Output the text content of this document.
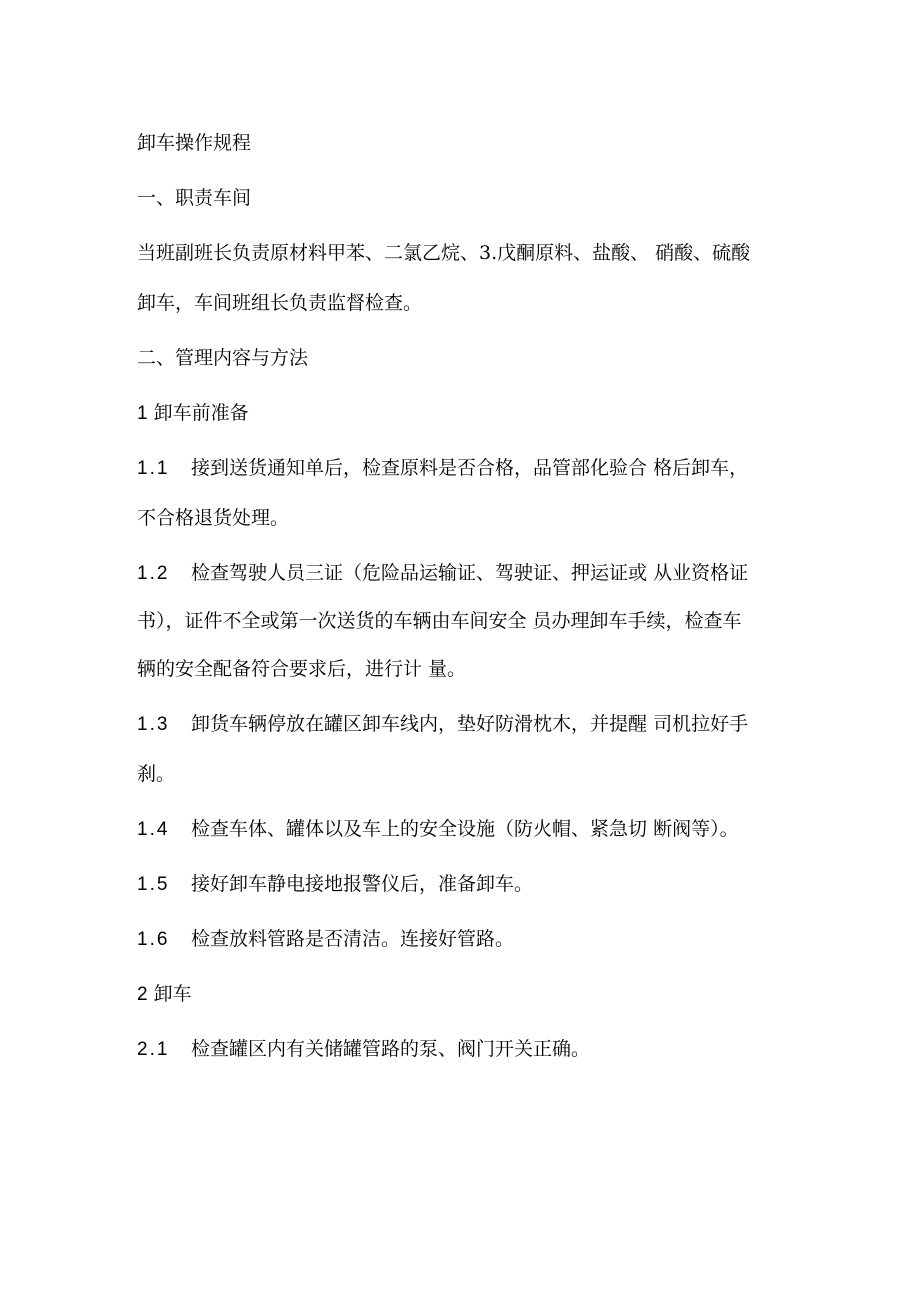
卸车操作规程

一、职责车间

当班副班长负责原材料甲苯、二氯乙烷、3.戊酮原料、盐酸、 硝酸、硫酸

卸车，车间班组长负责监督检查。

二、管理内容与方法

1 卸车前准备

1.1 接到送货通知单后，检查原料是否合格，品管部化验合 格后卸车，

不合格退货处理。

1.2 检查驾驶人员三证（危险品运输证、驾驶证、押运证或 从业资格证

书），证件不全或第一次送货的车辆由车间安全 员办理卸车手续，检查车

辆的安全配备符合要求后，进行计 量。

1.3 卸货车辆停放在罐区卸车线内，垫好防滑枕木，并提醒 司机拉好手

刹。

1.4 检查车体、罐体以及车上的安全设施（防火帽、紧急切 断阀等）。

1.5 接好卸车静电接地报警仪后，准备卸车。

1.6 检查放料管路是否清洁。连接好管路。

2 卸车

2.1 检查罐区内有关储罐管路的泵、阀门开关正确。
